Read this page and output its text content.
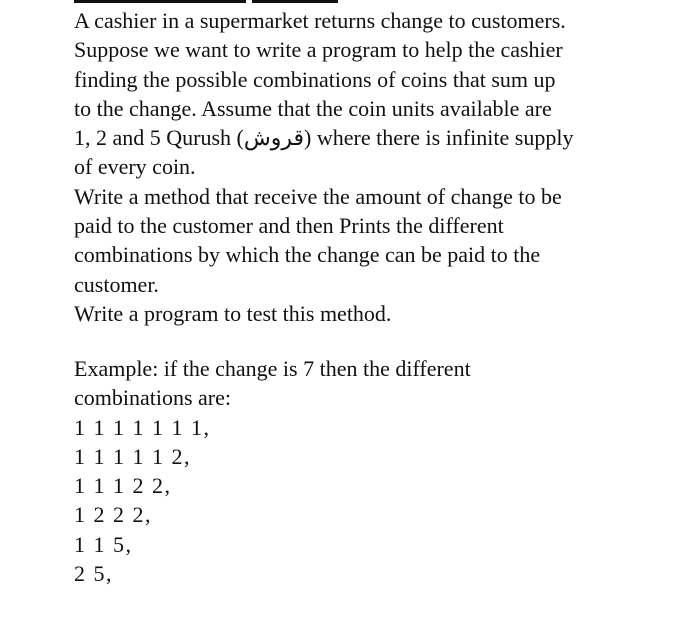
A cashier in a supermarket returns change to customers.
Suppose we want to write a program to help the cashier
finding the possible combinations of coins that sum up
to the change. Assume that the coin units available are
1, 2 and 5 Qurush (قروش) where there is infinite supply
of every coin.
Write a method that receive the amount of change to be
paid to the customer and then Prints the different
combinations by which the change can be paid to the
customer.
Write a program to test this method.
Example: if the change is 7 then the different
combinations are:
1 1 1 1 1 1 1,
1 1 1 1 1 2,
1 1 1 2 2,
1 2 2 2,
1 1 5,
2 5,
